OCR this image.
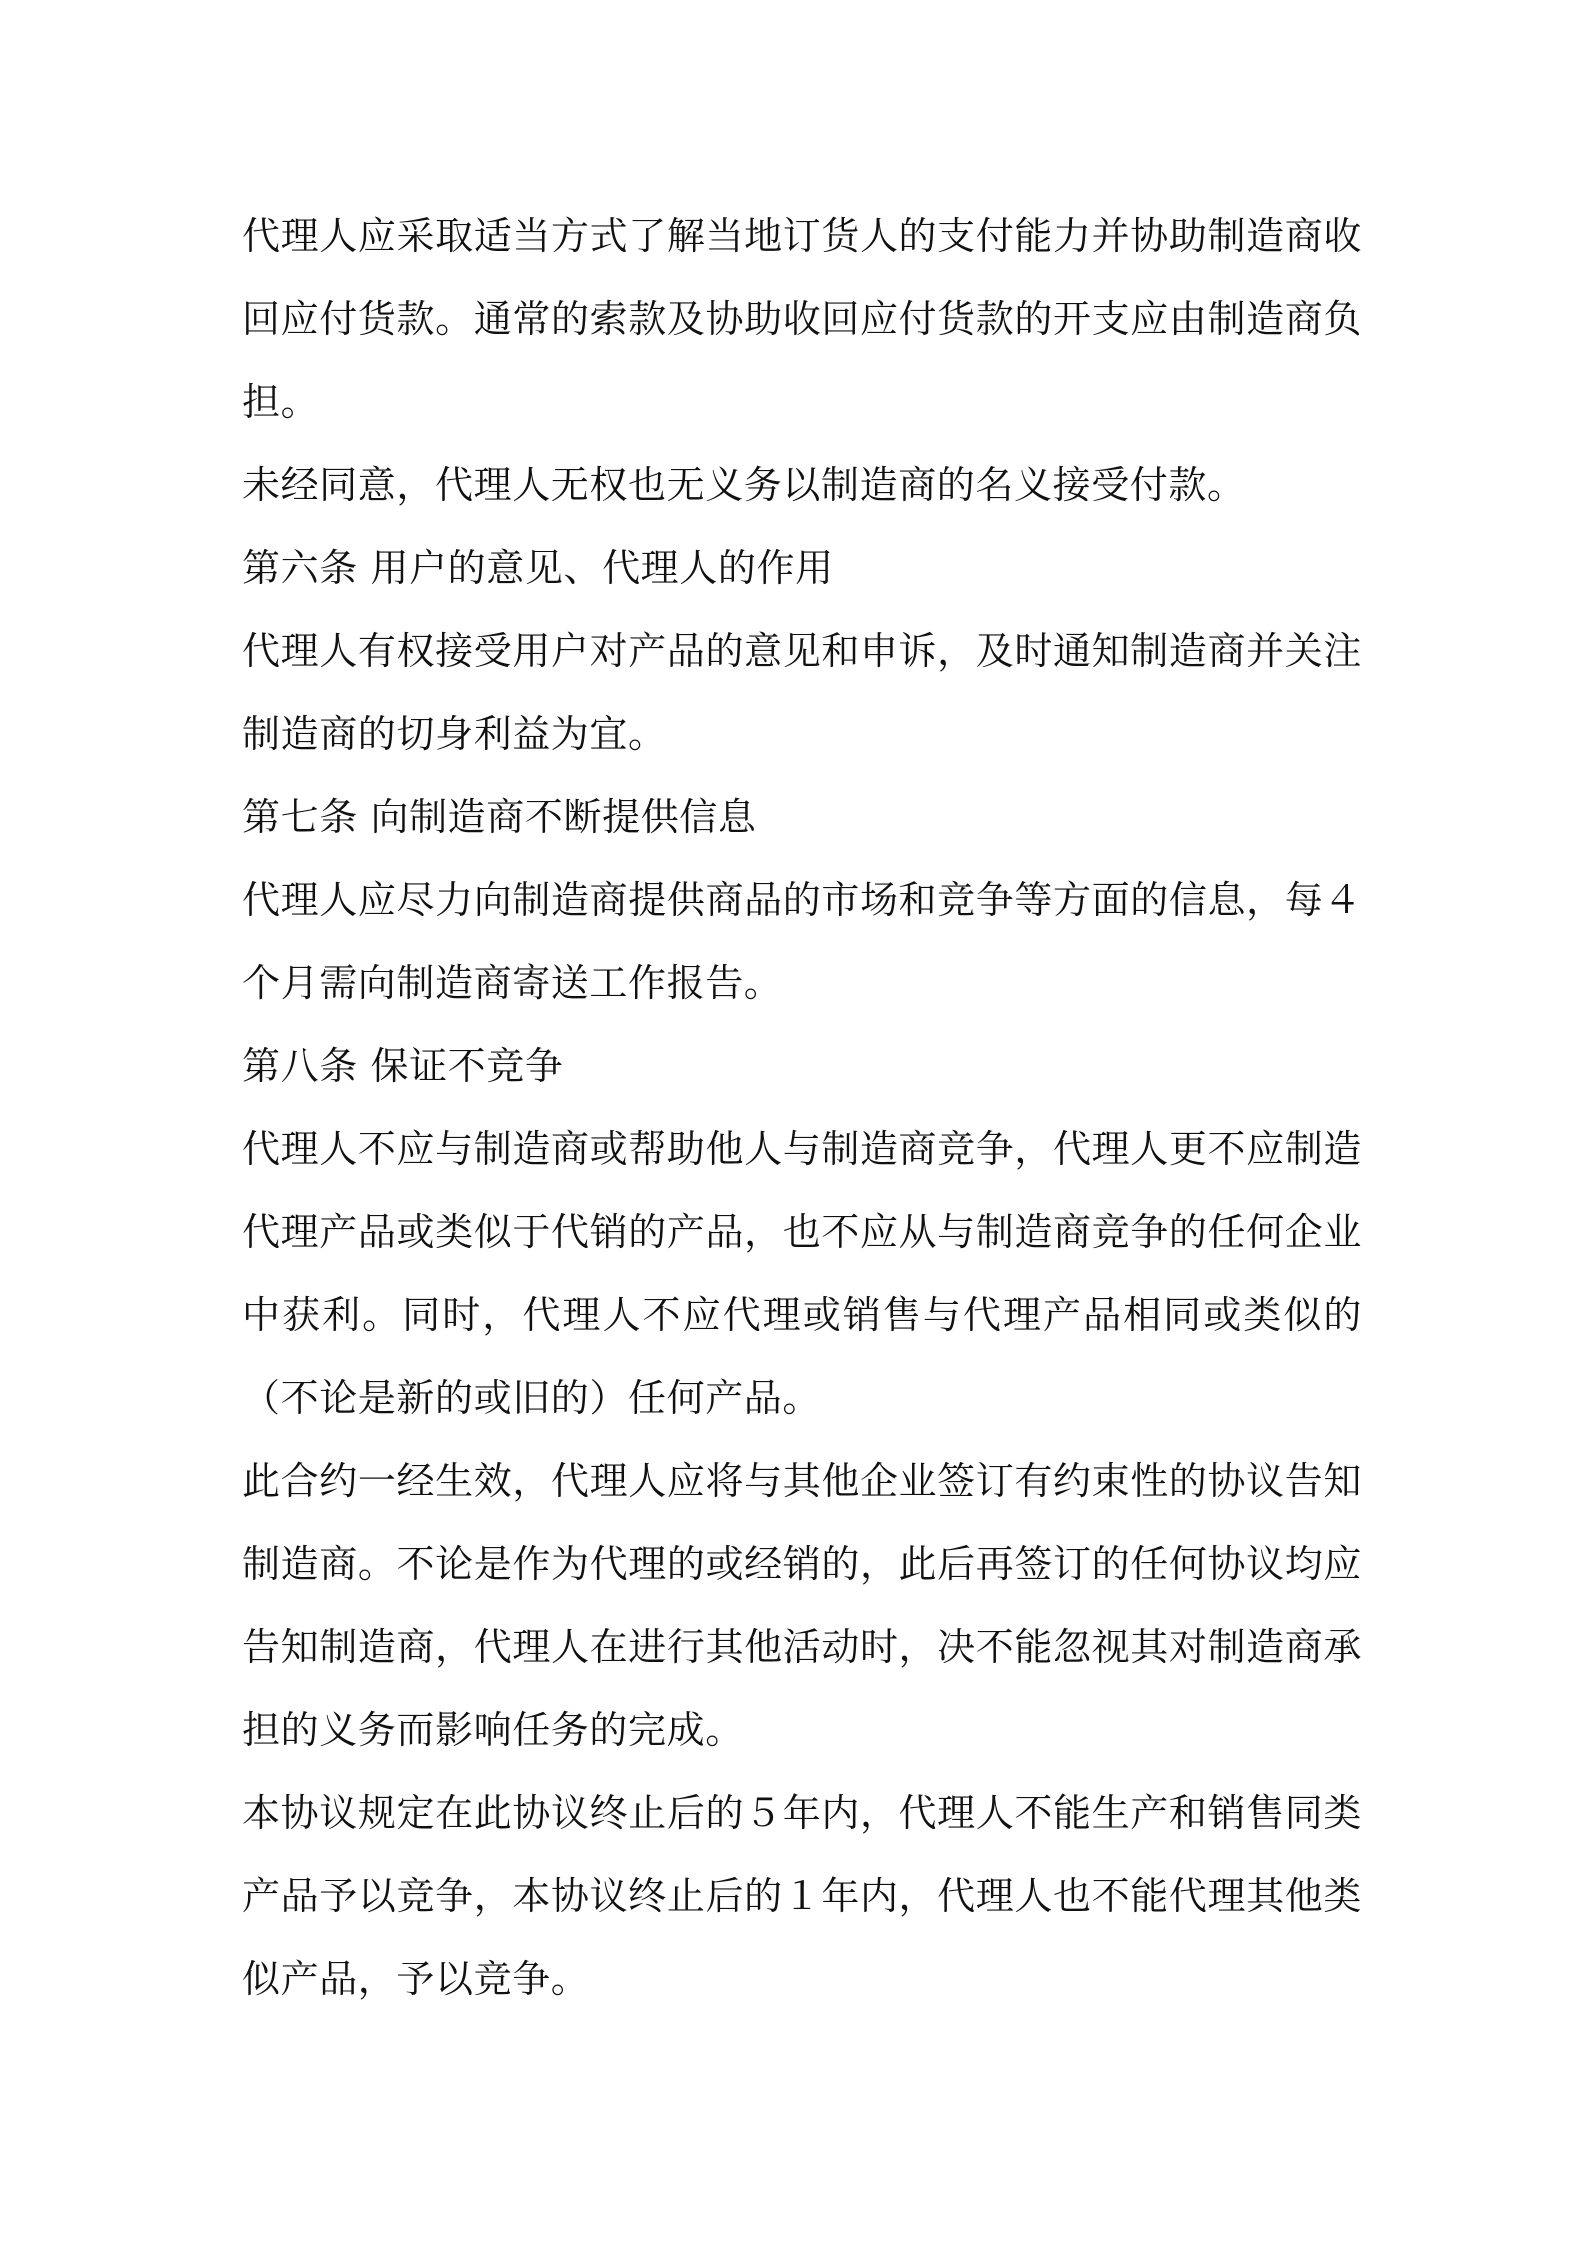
代理人应采取适当方式了解当地订货人的支付能力并协助制造商收回应付货款。通常的索款及协助收回应付货款的开支应由制造商负担。

未经同意，代理人无权也无义务以制造商的名义接受付款。

第六条 用户的意见、代理人的作用

代理人有权接受用户对产品的意见和申诉，及时通知制造商并关注制造商的切身利益为宜。

第七条 向制造商不断提供信息

代理人应尽力向制造商提供商品的市场和竞争等方面的信息，每４个月需向制造商寄送工作报告。

第八条 保证不竞争

代理人不应与制造商或帮助他人与制造商竞争，代理人更不应制造代理产品或类似于代销的产品，也不应从与制造商竞争的任何企业中获利。同时，代理人不应代理或销售与代理产品相同或类似的（不论是新的或旧的）任何产品。

此合约一经生效，代理人应将与其他企业签订有约束性的协议告知制造商。不论是作为代理的或经销的，此后再签订的任何协议均应告知制造商，代理人在进行其他活动时，决不能忽视其对制造商承担的义务而影响任务的完成。

本协议规定在此协议终止后的５年内，代理人不能生产和销售同类产品予以竞争，本协议终止后的１年内，代理人也不能代理其他类似产品，予以竞争。
